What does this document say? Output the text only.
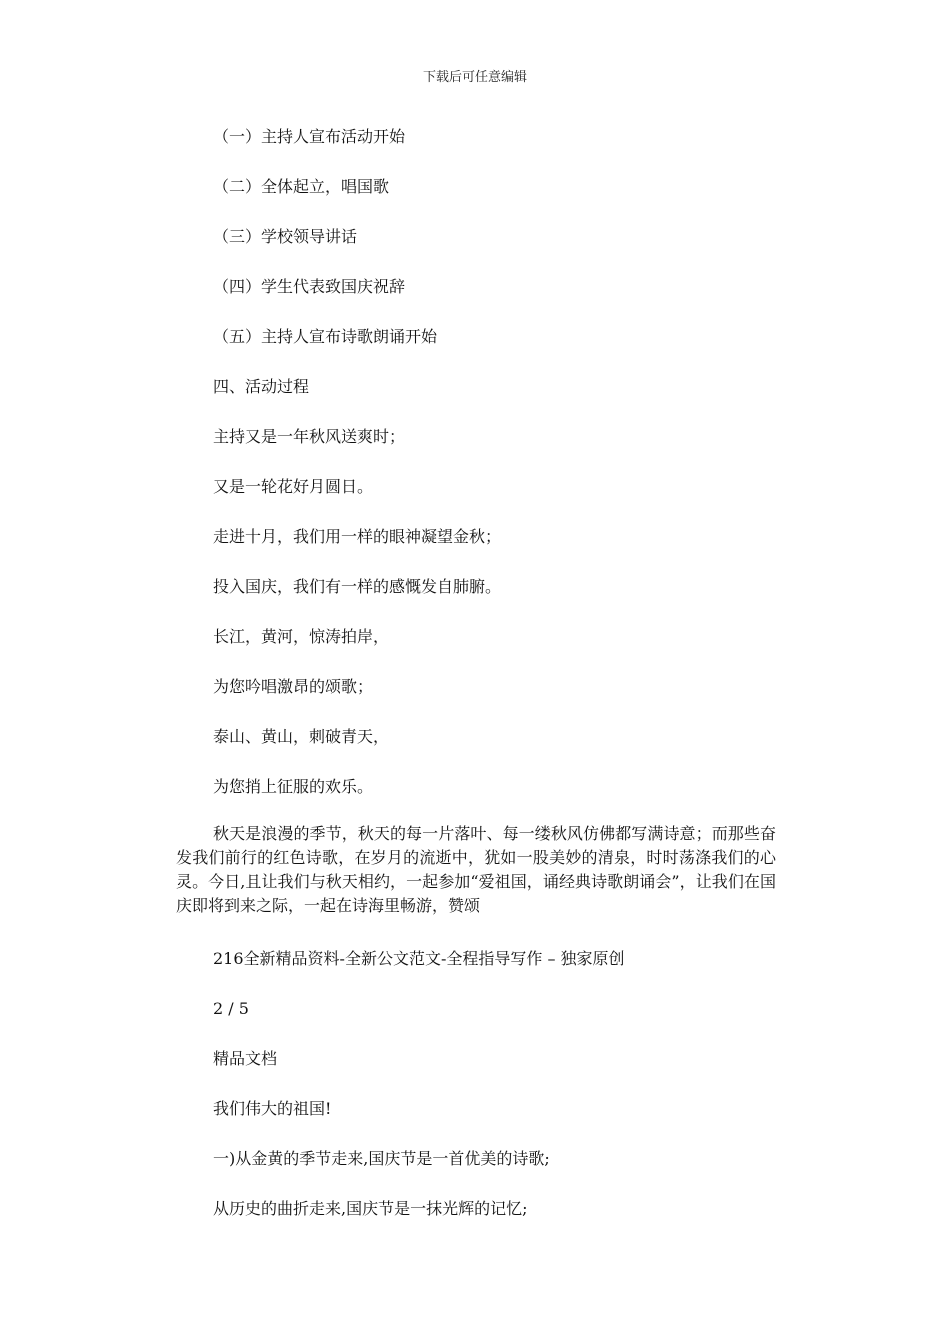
下载后可任意编辑
（一）主持人宣布活动开始
（二）全体起立，唱国歌
（三）学校领导讲话
（四）学生代表致国庆祝辞
（五）主持人宣布诗歌朗诵开始
四、活动过程
主持又是一年秋风送爽时；
又是一轮花好月圆日。
走进十月，我们用一样的眼神凝望金秋；
投入国庆，我们有一样的感慨发自肺腑。
长江，黄河，惊涛拍岸，
为您吟唱激昂的颂歌；
泰山、黄山，刺破青天，
为您捎上征服的欢乐。
秋天是浪漫的季节，秋天的每一片落叶、每一缕秋风仿佛都写满诗意；而那些奋发我们前行的红色诗歌，在岁月的流逝中，犹如一股美妙的清泉，时时荡涤我们的心灵。今日,且让我们与秋天相约，一起参加“爱祖国，诵经典诗歌朗诵会”，让我们在国庆即将到来之际，一起在诗海里畅游，赞颂
216全新精品资料-全新公文范文-全程指导写作 – 独家原创
2 / 5
精品文档
我们伟大的祖国!
一)从金黄的季节走来,国庆节是一首优美的诗歌;
从历史的曲折走来,国庆节是一抹光辉的记忆;
